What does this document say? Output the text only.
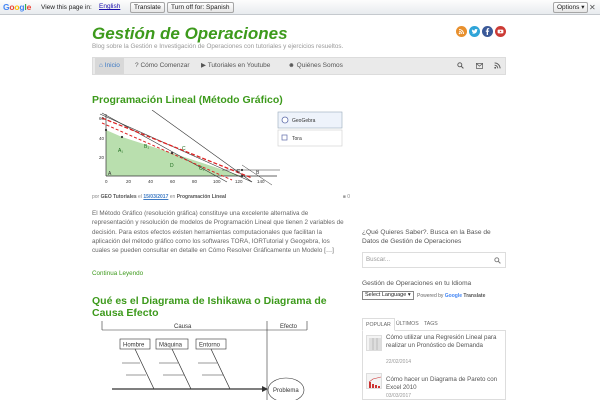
Google View this page in: English	Translate	Turn off for: Spanish	Options ▾ ✕
Gestión de Operaciones
Blog sobre la Gestión e Investigación de Operaciones con tutoriales y ejercicios resueltos.
⌂ Inicio	? Cómo Comenzar	▶ Tutoriales en Youtube	☻ Quiénes Somos
Programación Lineal (Método Gráfico)
60
40
20
0	20	40	60	80	100	120	140
A₁
B₁	C
D	C₁	E	B
A
GeoGebra
Tora
por GEO Tutoriales el 15/03/2017 en Programación Lineal	■ 0
El Método Gráfico (resolución gráfica) constituye una excelente alternativa de representación y resolución de modelos de Programación Lineal que tienen 2 variables de decisión. Para estos efectos existen herramientas computacionales que facilitan la aplicación del método gráfico como los softwares TORA, IORTutorial y Geogebra, los cuales se pueden consultar en detalle en Cómo Resolver Gráficamente un Modelo […]
Continua Leyendo
Qué es el Diagrama de Ishikawa o Diagrama de Causa Efecto
Causa	Efecto
Hombre Máquina	Entorno
Problema
¿Qué Quieres Saber?. Busca en la Base de Datos de Gestión de Operaciones
Buscar...
Gestión de Operaciones en tu Idioma
Select Language ▾	Powered by Google Translate
POPULAR	ÚLTIMOS	TAGS
Cómo utilizar una Regresión Lineal para realizar un Pronóstico de Demanda
22/02/2014
Cómo hacer un Diagrama de Pareto con Excel 2010
03/03/2017
